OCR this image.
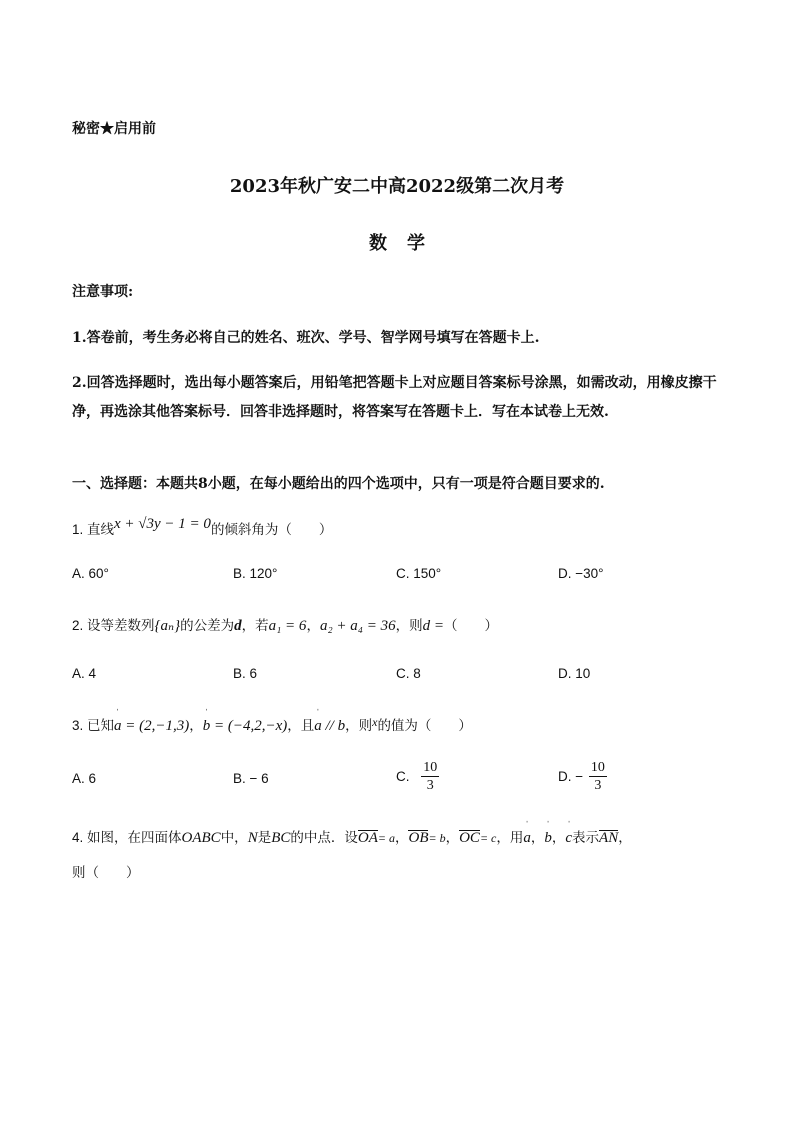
秘密★启用前
2023年秋广安二中高2022级第二次月考
数学
注意事项:
1.答卷前，考生务必将自己的姓名、班次、学号、智学网号填写在答题卡上.
2.回答选择题时，选出每小题答案后，用铅笔把答题卡上对应题目答案标号涂黑，如需改动，用橡皮擦干净，再选涂其他答案标号．回答非选择题时，将答案写在答题卡上．写在本试卷上无效.
一、选择题：本题共8小题，在每小题给出的四个选项中，只有一项是符合题目要求的.
1. 直线x + √3y − 1 = 0的倾斜角为（　　）
A. 60°	B. 120°	C. 150°	D. −30°
2. 设等差数列{aₙ}的公差为d，若a₁ = 6，a₂ + a₄ = 36，则d =（　　）
A. 4	B. 6	C. 8	D. 10
3. 已知ˈ a = (2,−1,3)，ˈ b = (−4,2,−x)，且ˈ a // b，则x的值为（　　）
A. 6	B. − 6	C. $\frac{10}{3}$	D. − $\frac{10}{3}$
4. 如图，在四面体OABC中，N是BC的中点．设OA= a，OB= b，OC= c，用ˈ a，ˈ b，ˈ c表示AN，
则（　　）
